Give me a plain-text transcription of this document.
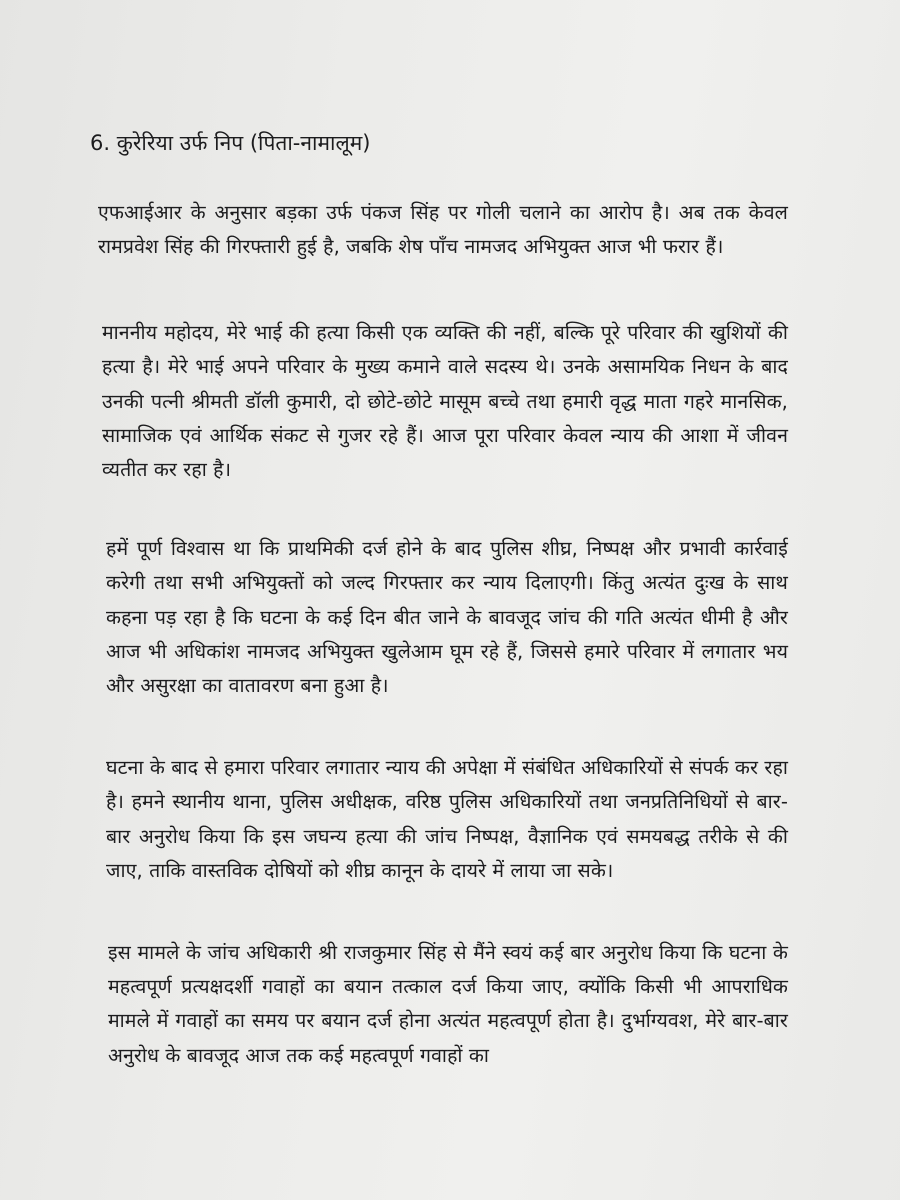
6. कुरेरिया उर्फ निप (पिता-नामालूम)

एफआईआर के अनुसार बड़का उर्फ पंकज सिंह पर गोली चलाने का आरोप है। अब तक केवल रामप्रवेश सिंह की गिरफ्तारी हुई है, जबकि शेष पाँच नामजद अभियुक्त आज भी फरार हैं।

माननीय महोदय, मेरे भाई की हत्या किसी एक व्यक्ति की नहीं, बल्कि पूरे परिवार की खुशियों की हत्या है। मेरे भाई अपने परिवार के मुख्य कमाने वाले सदस्य थे। उनके असामयिक निधन के बाद उनकी पत्नी श्रीमती डॉली कुमारी, दो छोटे-छोटे मासूम बच्चे तथा हमारी वृद्ध माता गहरे मानसिक, सामाजिक एवं आर्थिक संकट से गुजर रहे हैं। आज पूरा परिवार केवल न्याय की आशा में जीवन व्यतीत कर रहा है।

हमें पूर्ण विश्वास था कि प्राथमिकी दर्ज होने के बाद पुलिस शीघ्र, निष्पक्ष और प्रभावी कार्रवाई करेगी तथा सभी अभियुक्तों को जल्द गिरफ्तार कर न्याय दिलाएगी। किंतु अत्यंत दुःख के साथ कहना पड़ रहा है कि घटना के कई दिन बीत जाने के बावजूद जांच की गति अत्यंत धीमी है और आज भी अधिकांश नामजद अभियुक्त खुलेआम घूम रहे हैं, जिससे हमारे परिवार में लगातार भय और असुरक्षा का वातावरण बना हुआ है।

घटना के बाद से हमारा परिवार लगातार न्याय की अपेक्षा में संबंधित अधिकारियों से संपर्क कर रहा है। हमने स्थानीय थाना, पुलिस अधीक्षक, वरिष्ठ पुलिस अधिकारियों तथा जनप्रतिनिधियों से बार-बार अनुरोध किया कि इस जघन्य हत्या की जांच निष्पक्ष, वैज्ञानिक एवं समयबद्ध तरीके से की जाए, ताकि वास्तविक दोषियों को शीघ्र कानून के दायरे में लाया जा सके।

इस मामले के जांच अधिकारी श्री राजकुमार सिंह से मैंने स्वयं कई बार अनुरोध किया कि घटना के महत्वपूर्ण प्रत्यक्षदर्शी गवाहों का बयान तत्काल दर्ज किया जाए, क्योंकि किसी भी आपराधिक मामले में गवाहों का समय पर बयान दर्ज होना अत्यंत महत्वपूर्ण होता है। दुर्भाग्यवश, मेरे बार-बार अनुरोध के बावजूद आज तक कई महत्वपूर्ण गवाहों का
